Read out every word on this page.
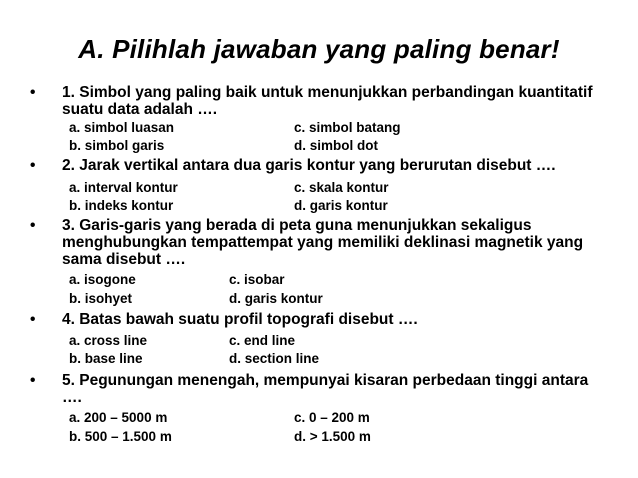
A. Pilihlah jawaban yang paling benar!
• 1. Simbol yang paling baik untuk menunjukkan perbandingan kuantitatif suatu data adalah ….
a. simbol luasan	c. simbol batang
b. simbol garis	d. simbol dot
• 2. Jarak vertikal antara dua garis kontur yang berurutan disebut ….
a. interval kontur	c. skala kontur
b. indeks kontur	d. garis kontur
• 3. Garis-garis yang berada di peta guna menunjukkan sekaligus menghubungkan tempattempat yang memiliki deklinasi magnetik yang sama disebut ….
a. isogone	c. isobar
b. isohyet	d. garis kontur
• 4. Batas bawah suatu profil topografi disebut ….
a. cross line	c. end line
b. base line	d. section line
• 5. Pegunungan menengah, mempunyai kisaran perbedaan tinggi antara ….
a. 200 – 5000 m	c. 0 – 200 m
b. 500 – 1.500 m	d. > 1.500 m
